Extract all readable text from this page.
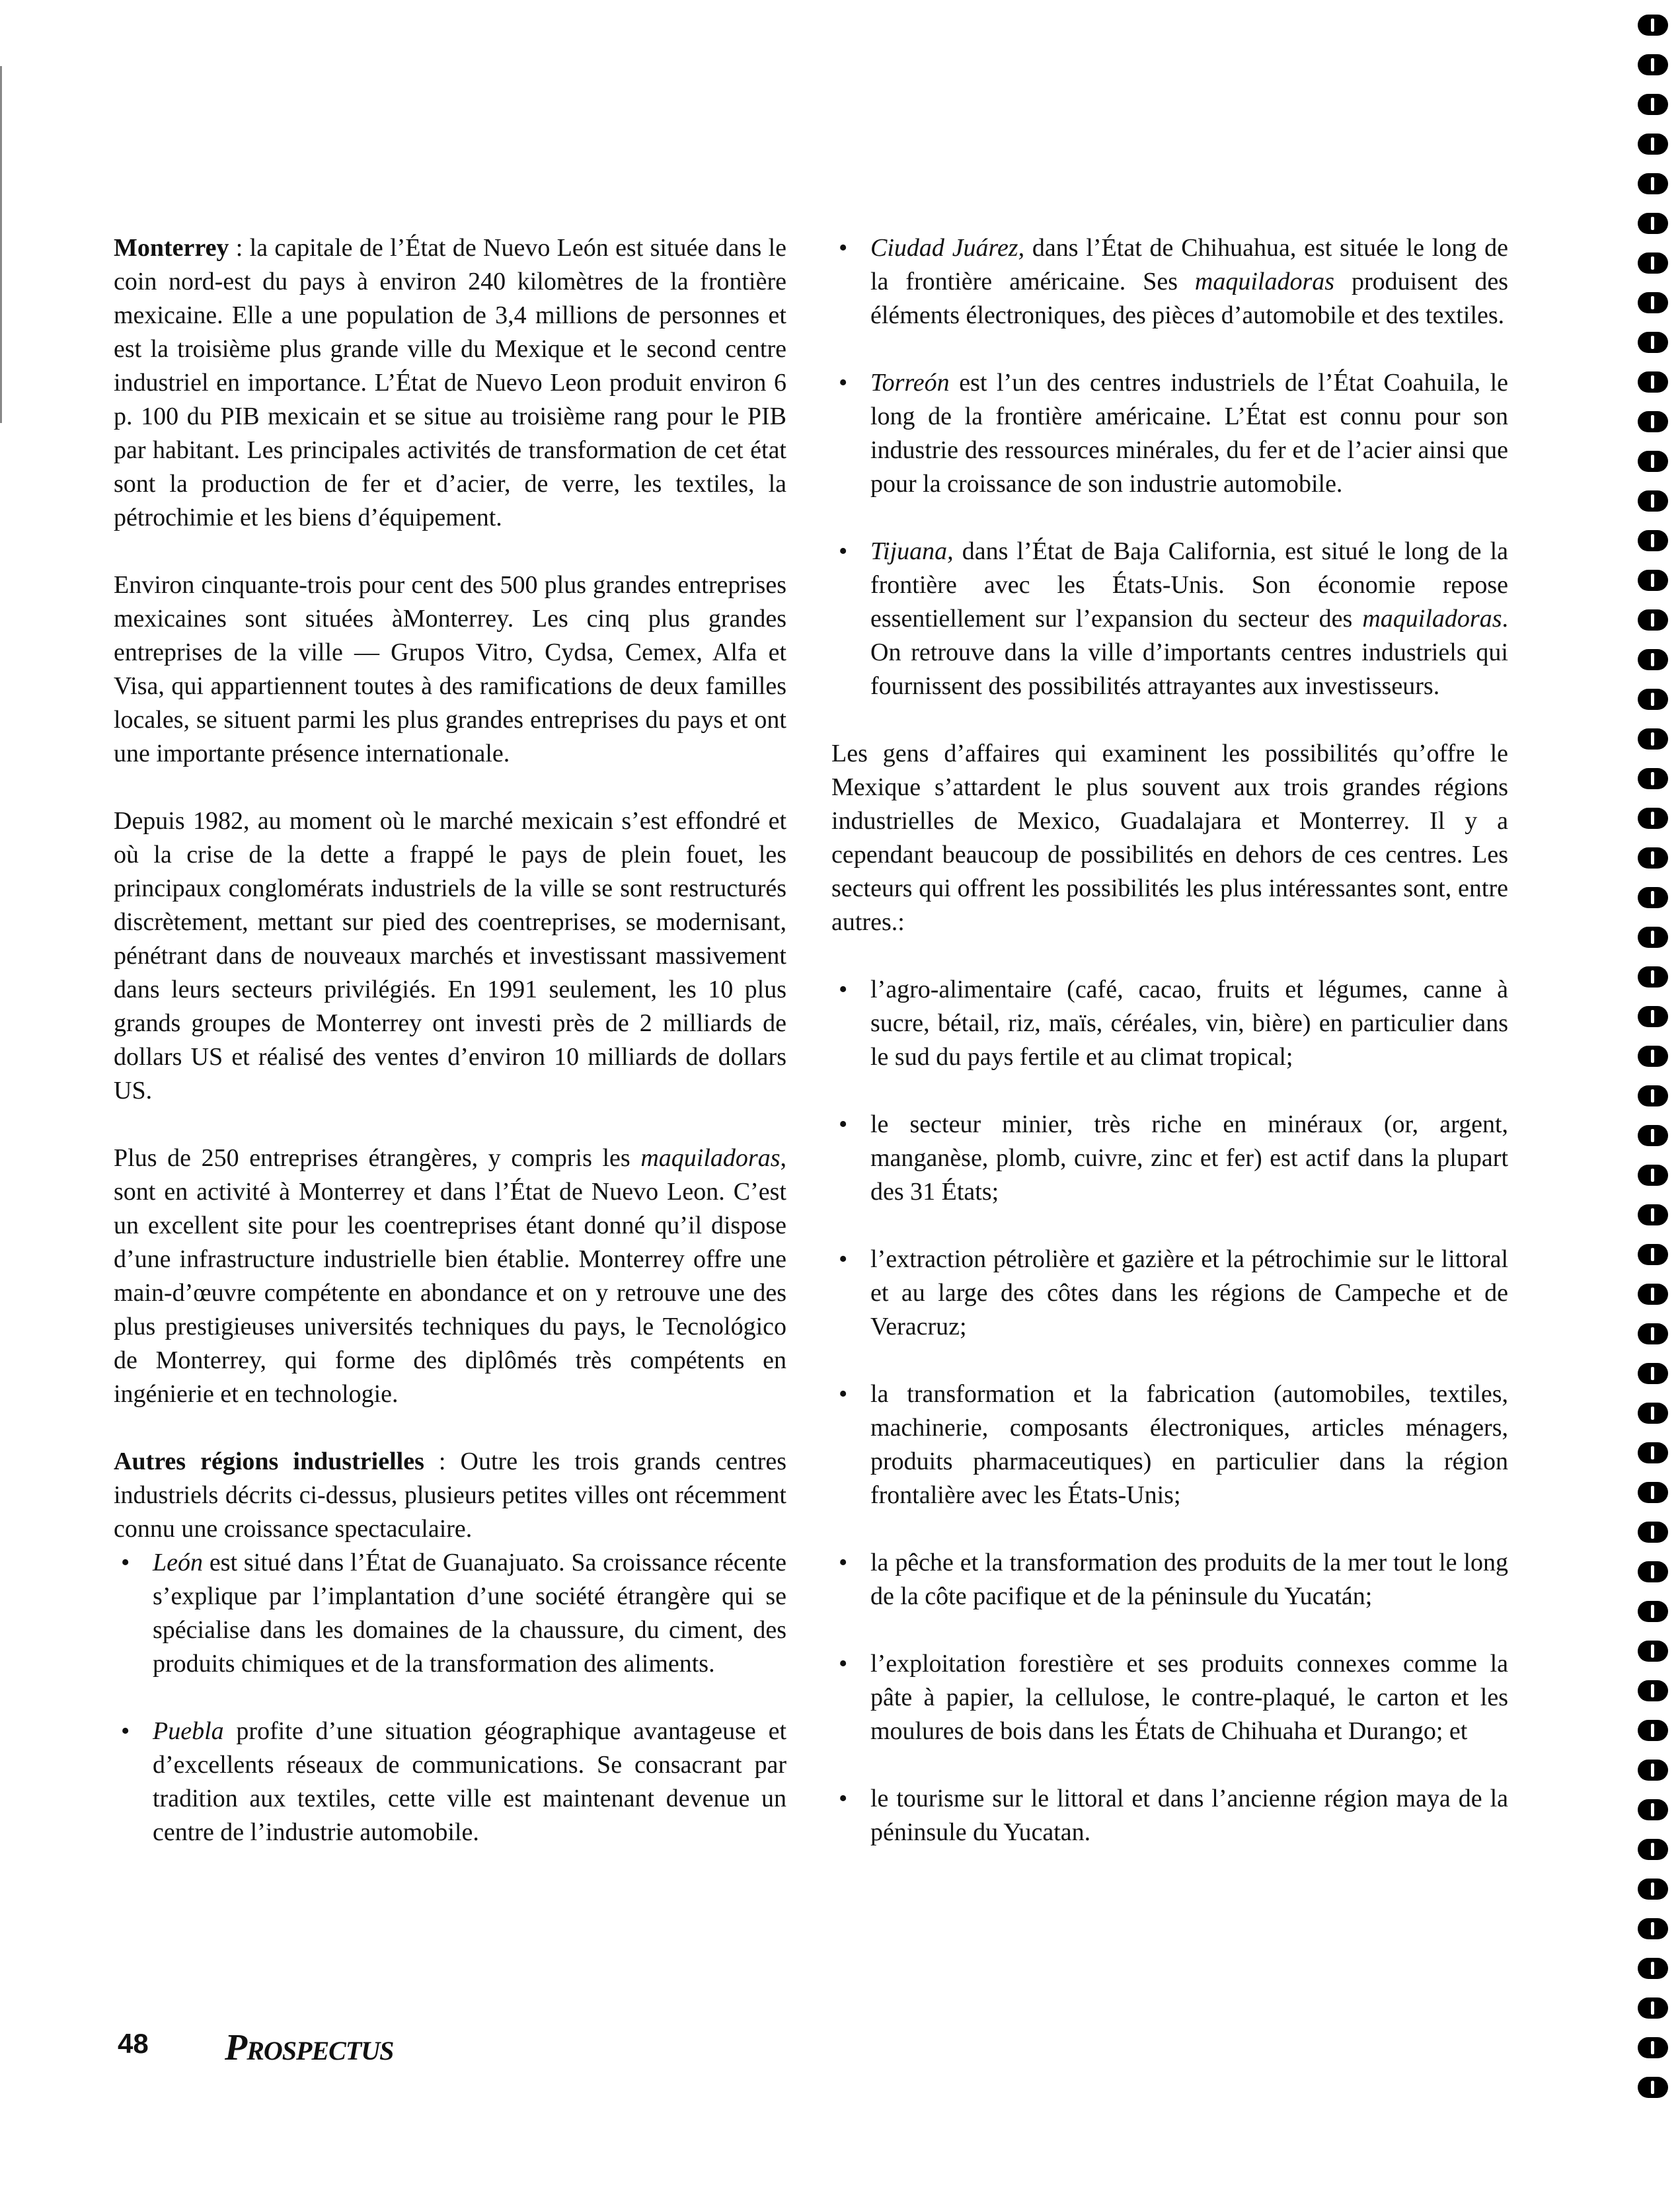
Monterrey : la capitale de l’État de Nuevo León est située dans le coin nord-est du pays à environ 240 kilomètres de la frontière mexicaine. Elle a une population de 3,4 millions de personnes et est la troisième plus grande ville du Mexique et le second centre industriel en importance. L’État de Nuevo Leon produit environ 6 p. 100 du PIB mexicain et se situe au troisième rang pour le PIB par habitant. Les principales activités de transformation de cet état sont la production de fer et d’acier, de verre, les textiles, la pétrochimie et les biens d’équipement.

Environ cinquante-trois pour cent des 500 plus grandes entreprises mexicaines sont situées àMonterrey. Les cinq plus grandes entreprises de la ville — Grupos Vitro, Cydsa, Cemex, Alfa et Visa, qui appartiennent toutes à des ramifications de deux familles locales, se situent parmi les plus grandes entreprises du pays et ont une importante présence internationale.

Depuis 1982, au moment où le marché mexicain s’est effondré et où la crise de la dette a frappé le pays de plein fouet, les principaux conglomérats industriels de la ville se sont restructurés discrètement, mettant sur pied des coentreprises, se modernisant, pénétrant dans de nouveaux marchés et investissant massivement dans leurs secteurs privilégiés. En 1991 seulement, les 10 plus grands groupes de Monterrey ont investi près de 2 milliards de dollars US et réalisé des ventes d’environ 10 milliards de dollars US.

Plus de 250 entreprises étrangères, y compris les maquiladoras, sont en activité à Monterrey et dans l’État de Nuevo Leon. C’est un excellent site pour les coentreprises étant donné qu’il dispose d’une infrastructure industrielle bien établie. Monterrey offre une main-d’œuvre compétente en abondance et on y retrouve une des plus prestigieuses universités techniques du pays, le Tecnológico de Monterrey, qui forme des diplômés très compétents en ingénierie et en technologie.

Autres régions industrielles : Outre les trois grands centres industriels décrits ci-dessus, plusieurs petites villes ont récemment connu une croissance spectaculaire.

• León est situé dans l’État de Guanajuato. Sa croissance récente s’explique par l’implantation d’une société étrangère qui se spécialise dans les domaines de la chaussure, du ciment, des produits chimiques et de la transformation des aliments.
• Puebla profite d’une situation géographique avantageuse et d’excellents réseaux de communications. Se consacrant par tradition aux textiles, cette ville est maintenant devenue un centre de l’industrie automobile.
• Ciudad Juárez, dans l’État de Chihuahua, est située le long de la frontière américaine. Ses maquiladoras produisent des éléments électroniques, des pièces d’automobile et des textiles.
• Torreón est l’un des centres industriels de l’État Coahuila, le long de la frontière américaine. L’État est connu pour son industrie des ressources minérales, du fer et de l’acier ainsi que pour la croissance de son industrie automobile.
• Tijuana, dans l’État de Baja California, est situé le long de la frontière avec les États-Unis. Son économie repose essentiellement sur l’expansion du secteur des maquiladoras. On retrouve dans la ville d’importants centres industriels qui fournissent des possibilités attrayantes aux investisseurs.

Les gens d’affaires qui examinent les possibilités qu’offre le Mexique s’attardent le plus souvent aux trois grandes régions industrielles de Mexico, Guadalajara et Monterrey. Il y a cependant beaucoup de possibilités en dehors de ces centres. Les secteurs qui offrent les possibilités les plus intéressantes sont, entre autres.:

• l’agro-alimentaire (café, cacao, fruits et légumes, canne à sucre, bétail, riz, maïs, céréales, vin, bière) en particulier dans le sud du pays fertile et au climat tropical;
• le secteur minier, très riche en minéraux (or, argent, manganèse, plomb, cuivre, zinc et fer) est actif dans la plupart des 31 États;
• l’extraction pétrolière et gazière et la pétrochimie sur le littoral et au large des côtes dans les régions de Campeche et de Veracruz;
• la transformation et la fabrication (automobiles, textiles, machinerie, composants électroniques, articles ménagers, produits pharmaceutiques) en particulier dans la région frontalière avec les États-Unis;
• la pêche et la transformation des produits de la mer tout le long de la côte pacifique et de la péninsule du Yucatán;
• l’exploitation forestière et ses produits connexes comme la pâte à papier, la cellulose, le contre-plaqué, le carton et les moulures de bois dans les États de Chihuaha et Durango; et
• le tourisme sur le littoral et dans l’ancienne région maya de la péninsule du Yucatan.
48 PROSPECTUS
